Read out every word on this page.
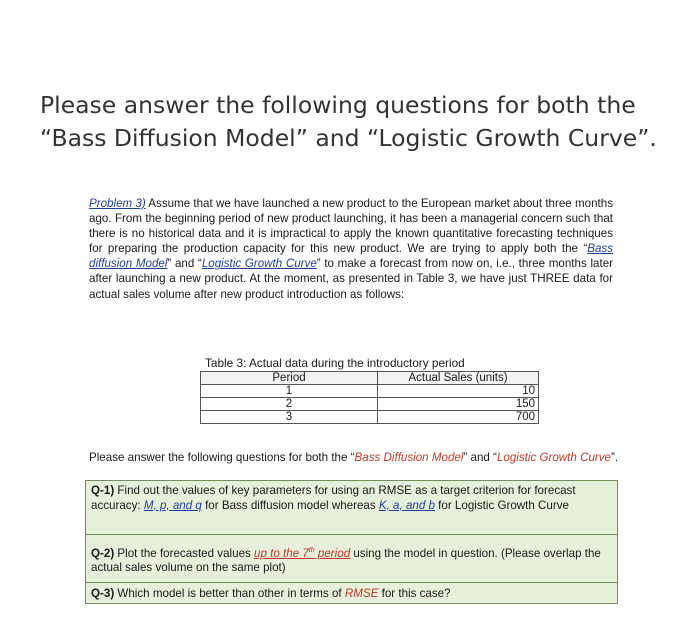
Please answer the following questions for both the “Bass Diffusion Model” and “Logistic Growth Curve”.

Problem 3) Assume that we have launched a new product to the European market about three months ago. From the beginning period of new product launching, it has been a managerial concern such that there is no historical data and it is impractical to apply the known quantitative forecasting techniques for preparing the production capacity for this new product. We are trying to apply both the “Bass diffusion Model” and “Logistic Growth Curve” to make a forecast from now on, i.e., three months later after launching a new product. At the moment, as presented in Table 3, we have just THREE data for actual sales volume after new product introduction as follows:

Table 3: Actual data during the introductory period
Period	Actual Sales (units)
1	10
2	150
3	700

Please answer the following questions for both the “Bass Diffusion Model” and “Logistic Growth Curve”.

Q-1) Find out the values of key parameters for using an RMSE as a target criterion for forecast accuracy: M, p, and q for Bass diffusion model whereas K, a, and b for Logistic Growth Curve

Q-2) Plot the forecasted values up to the 7th period using the model in question. (Please overlap the actual sales volume on the same plot)

Q-3) Which model is better than other in terms of RMSE for this case?
